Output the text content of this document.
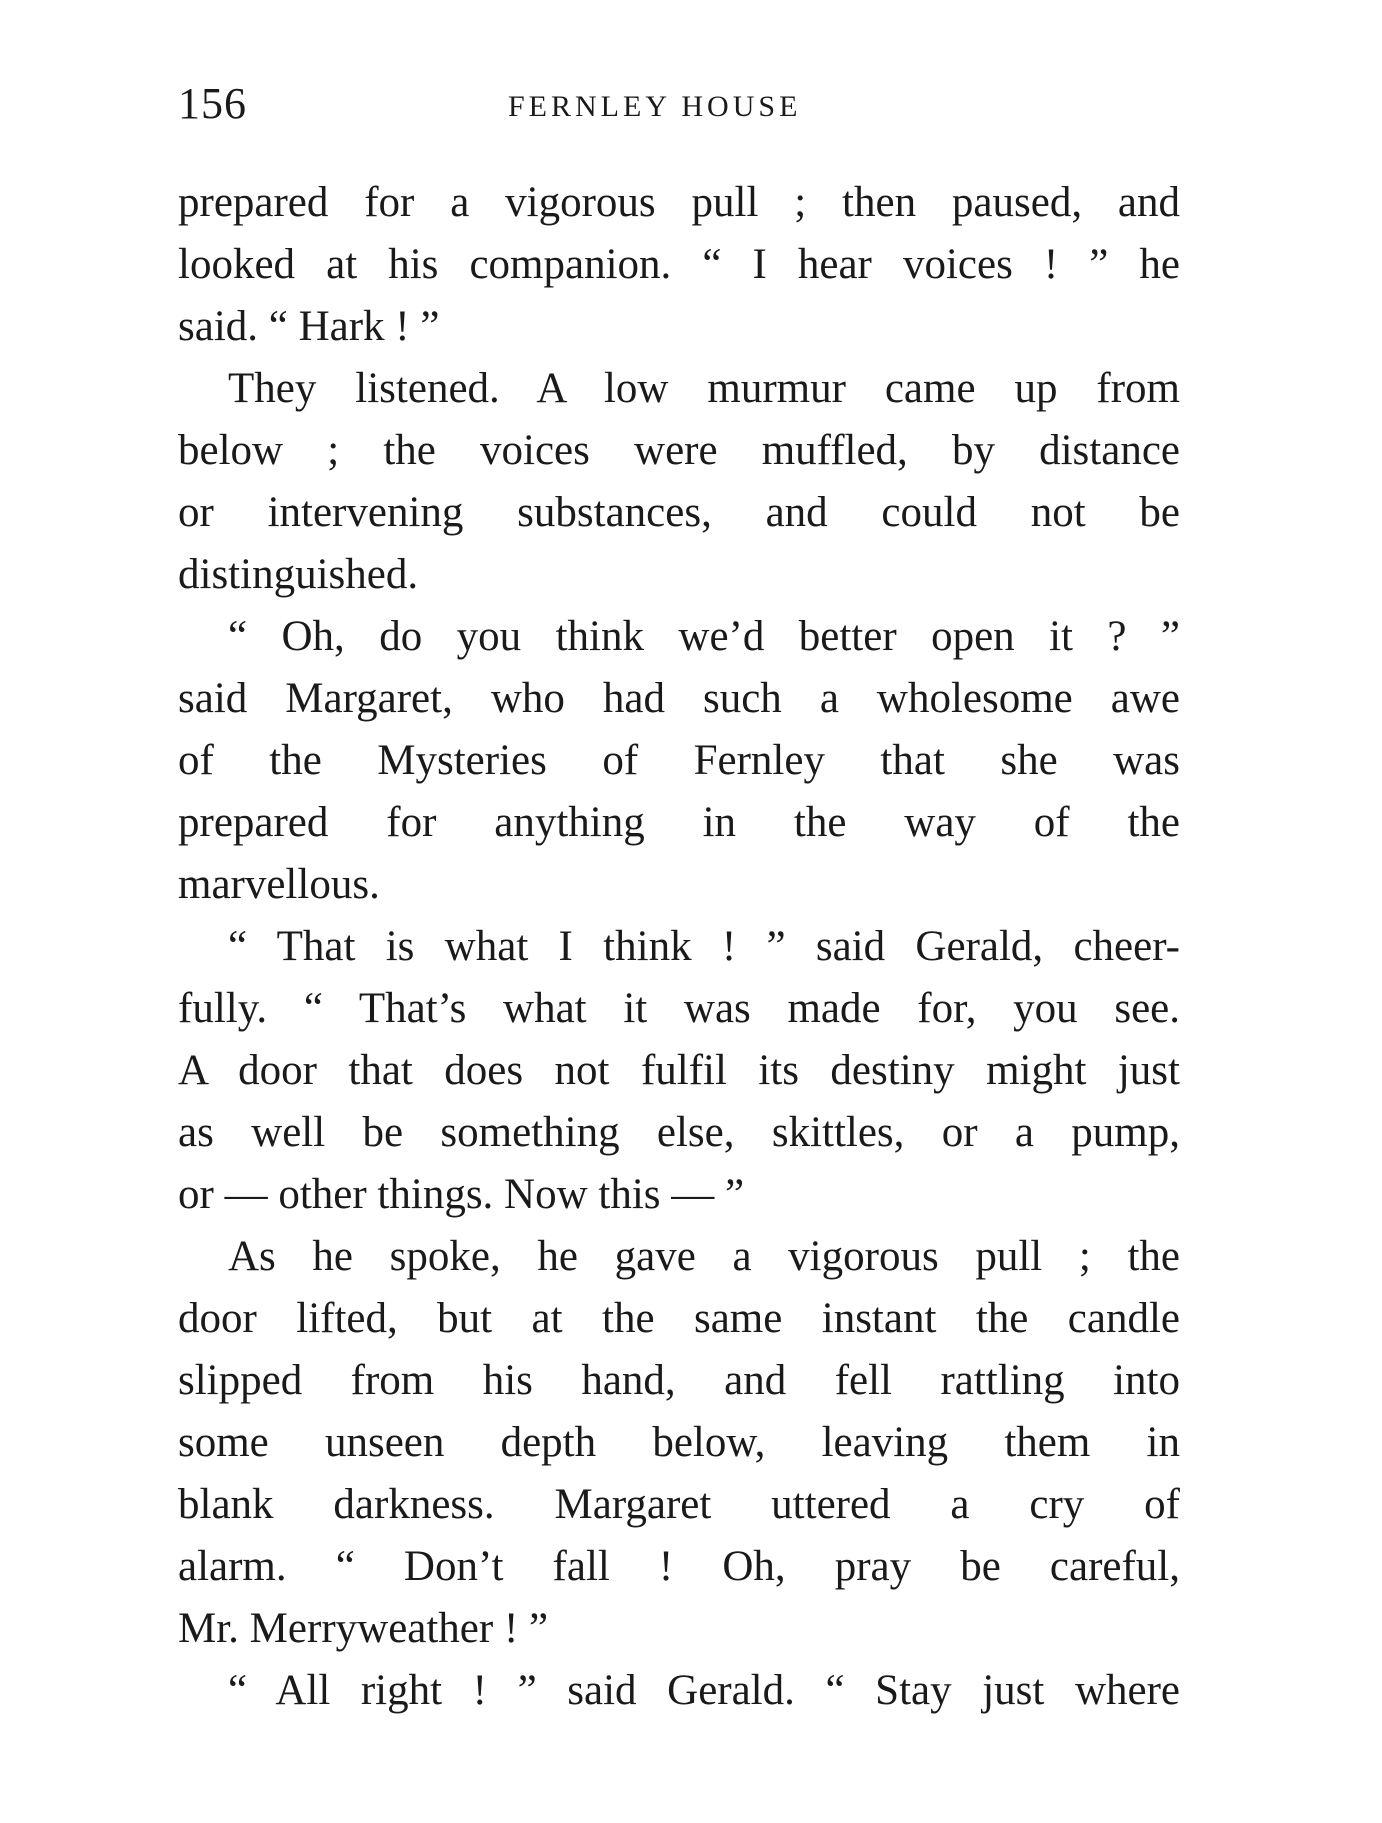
156	FERNLEY HOUSE
prepared for a vigorous pull ; then paused, and
looked at his companion. “ I hear voices ! ” he
said. “ Hark ! ”
They listened. A low murmur came up from
below ; the voices were muffled, by distance
or intervening substances, and could not be
distinguished.
“ Oh, do you think we’d better open it ? ”
said Margaret, who had such a wholesome awe
of the Mysteries of Fernley that she was
prepared for anything in the way of the
marvellous.
“ That is what I think ! ” said Gerald, cheer-
fully. “ That’s what it was made for, you see.
A door that does not fulfil its destiny might just
as well be something else, skittles, or a pump,
or — other things. Now this — ”
As he spoke, he gave a vigorous pull ; the
door lifted, but at the same instant the candle
slipped from his hand, and fell rattling into
some unseen depth below, leaving them in
blank darkness. Margaret uttered a cry of
alarm. “ Don’t fall ! Oh, pray be careful,
Mr. Merryweather ! ”
“ All right ! ” said Gerald. “ Stay just where
